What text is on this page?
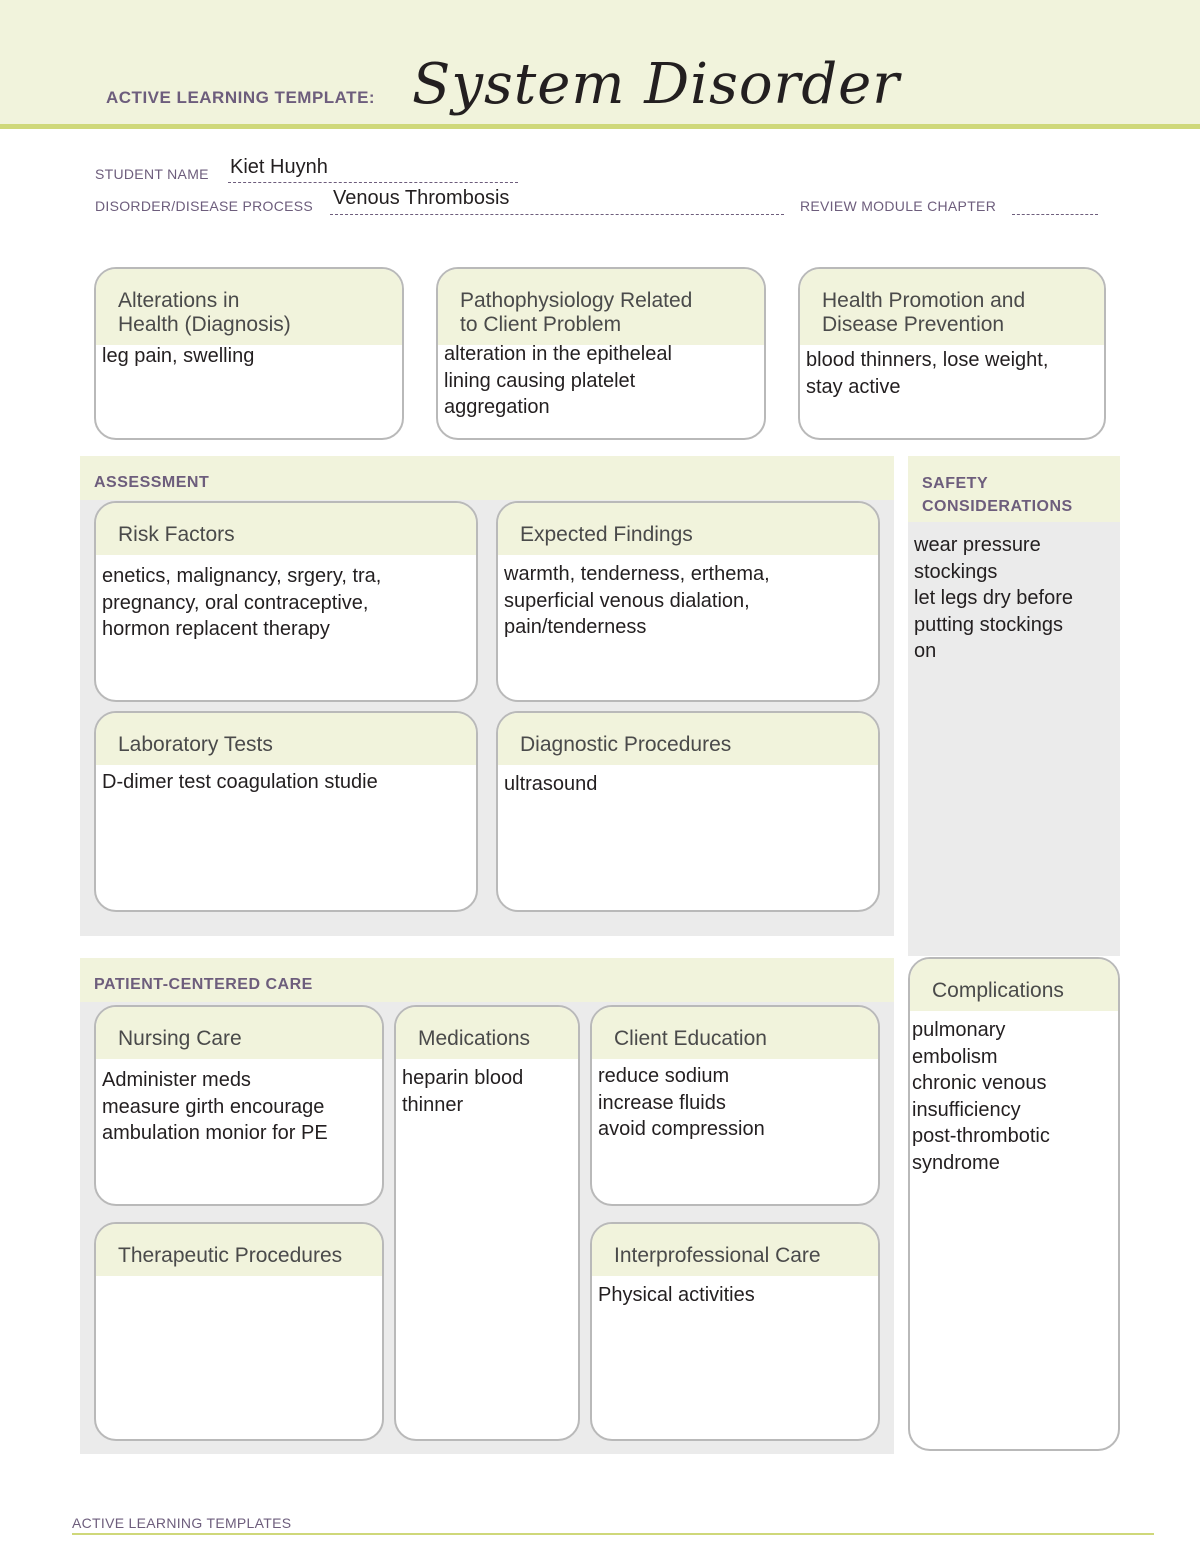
ACTIVE LEARNING TEMPLATE: System Disorder
STUDENT NAME Kiet Huynh
DISORDER/DISEASE PROCESS Venous Thrombosis	REVIEW MODULE CHAPTER
Alterations in
Health (Diagnosis)
leg pain, swelling
Pathophysiology Related
to Client Problem
alteration in the epitheleal
lining causing platelet
aggregation
Health Promotion and
Disease Prevention
blood thinners, lose weight,
stay active
ASSESSMENT
Risk Factors
enetics, malignancy, srgery, tra,
pregnancy, oral contraceptive,
hormon replacent therapy
Expected Findings
warmth, tenderness, erthema,
superficial venous dialation,
pain/tenderness
Laboratory Tests
D-dimer test coagulation studie
Diagnostic Procedures
ultrasound
SAFETY
CONSIDERATIONS
wear pressure
stockings
let legs dry before
putting stockings
on
PATIENT-CENTERED CARE
Nursing Care
Administer meds
measure girth encourage
ambulation monior for PE
Medications
heparin blood
thinner
Client Education
reduce sodium
increase fluids
avoid compression
Therapeutic Procedures	Interprofessional Care
Physical activities
Complications
pulmonary
embolism
chronic venous
insufficiency
post-thrombotic
syndrome
ACTIVE LEARNING TEMPLATES
